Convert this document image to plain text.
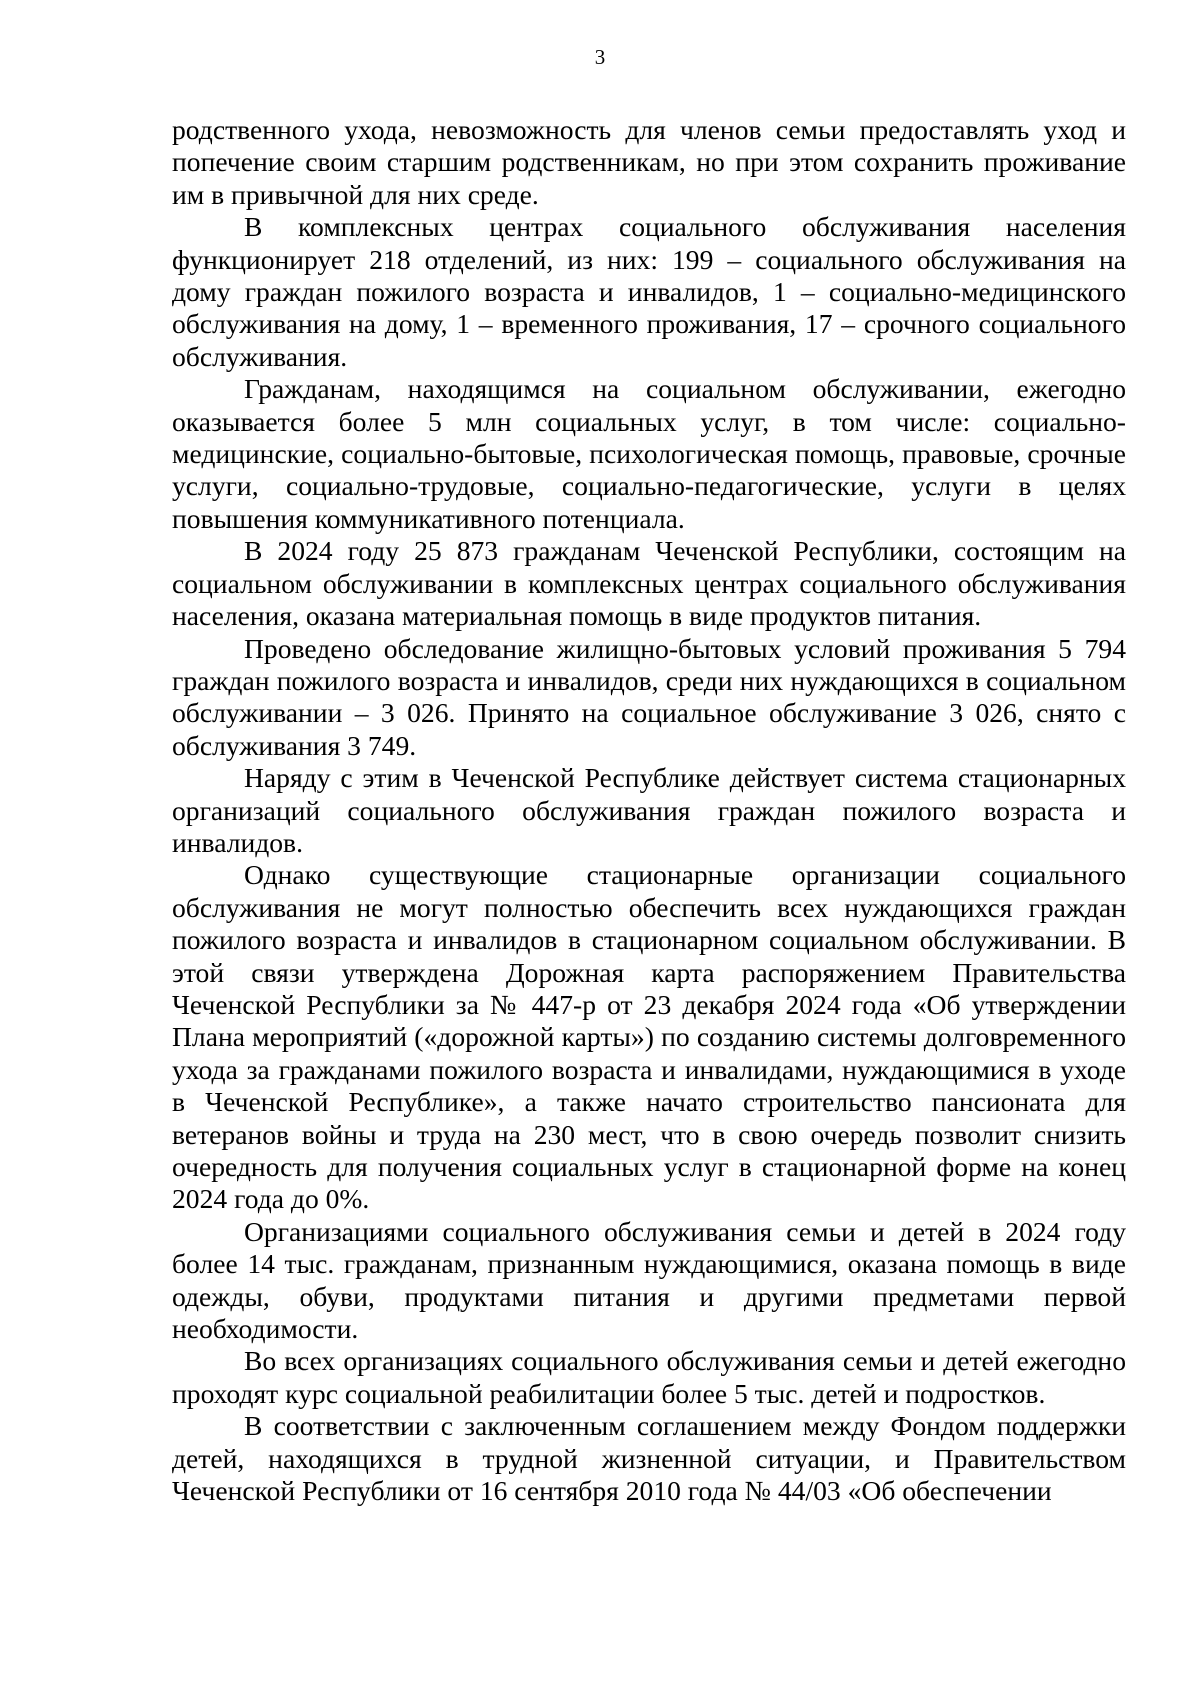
3

родственного ухода, невозможность для членов семьи предоставлять уход и попечение своим старшим родственникам, но при этом сохранить проживание им в привычной для них среде.

В комплексных центрах социального обслуживания населения функционирует 218 отделений, из них: 199 – социального обслуживания на дому граждан пожилого возраста и инвалидов, 1 – социально-медицинского обслуживания на дому, 1 – временного проживания, 17 – срочного социального обслуживания.

Гражданам, находящимся на социальном обслуживании, ежегодно оказывается более 5 млн социальных услуг, в том числе: социально-медицинские, социально-бытовые, психологическая помощь, правовые, срочные услуги, социально-трудовые, социально-педагогические, услуги в целях повышения коммуникативного потенциала.

В 2024 году 25 873 гражданам Чеченской Республики, состоящим на социальном обслуживании в комплексных центрах социального обслуживания населения, оказана материальная помощь в виде продуктов питания.

Проведено обследование жилищно-бытовых условий проживания 5 794 граждан пожилого возраста и инвалидов, среди них нуждающихся в социальном обслуживании – 3 026. Принято на социальное обслуживание 3 026, снято с обслуживания 3 749.

Наряду с этим в Чеченской Республике действует система стационарных организаций социального обслуживания граждан пожилого возраста и инвалидов.

Однако существующие стационарные организации социального обслуживания не могут полностью обеспечить всех нуждающихся граждан пожилого возраста и инвалидов в стационарном социальном обслуживании. В этой связи утверждена Дорожная карта распоряжением Правительства Чеченской Республики за № 447-р от 23 декабря 2024 года «Об утверждении Плана мероприятий («дорожной карты») по созданию системы долговременного ухода за гражданами пожилого возраста и инвалидами, нуждающимися в уходе в Чеченской Республике», а также начато строительство пансионата для ветеранов войны и труда на 230 мест, что в свою очередь позволит снизить очередность для получения социальных услуг в стационарной форме на конец 2024 года до 0%.

Организациями социального обслуживания семьи и детей в 2024 году более 14 тыс. гражданам, признанным нуждающимися, оказана помощь в виде одежды, обуви, продуктами питания и другими предметами первой необходимости.

Во всех организациях социального обслуживания семьи и детей ежегодно проходят курс социальной реабилитации более 5 тыс. детей и подростков.

В соответствии с заключенным соглашением между Фондом поддержки детей, находящихся в трудной жизненной ситуации, и Правительством Чеченской Республики от 16 сентября 2010 года № 44/03 «Об обеспечении
